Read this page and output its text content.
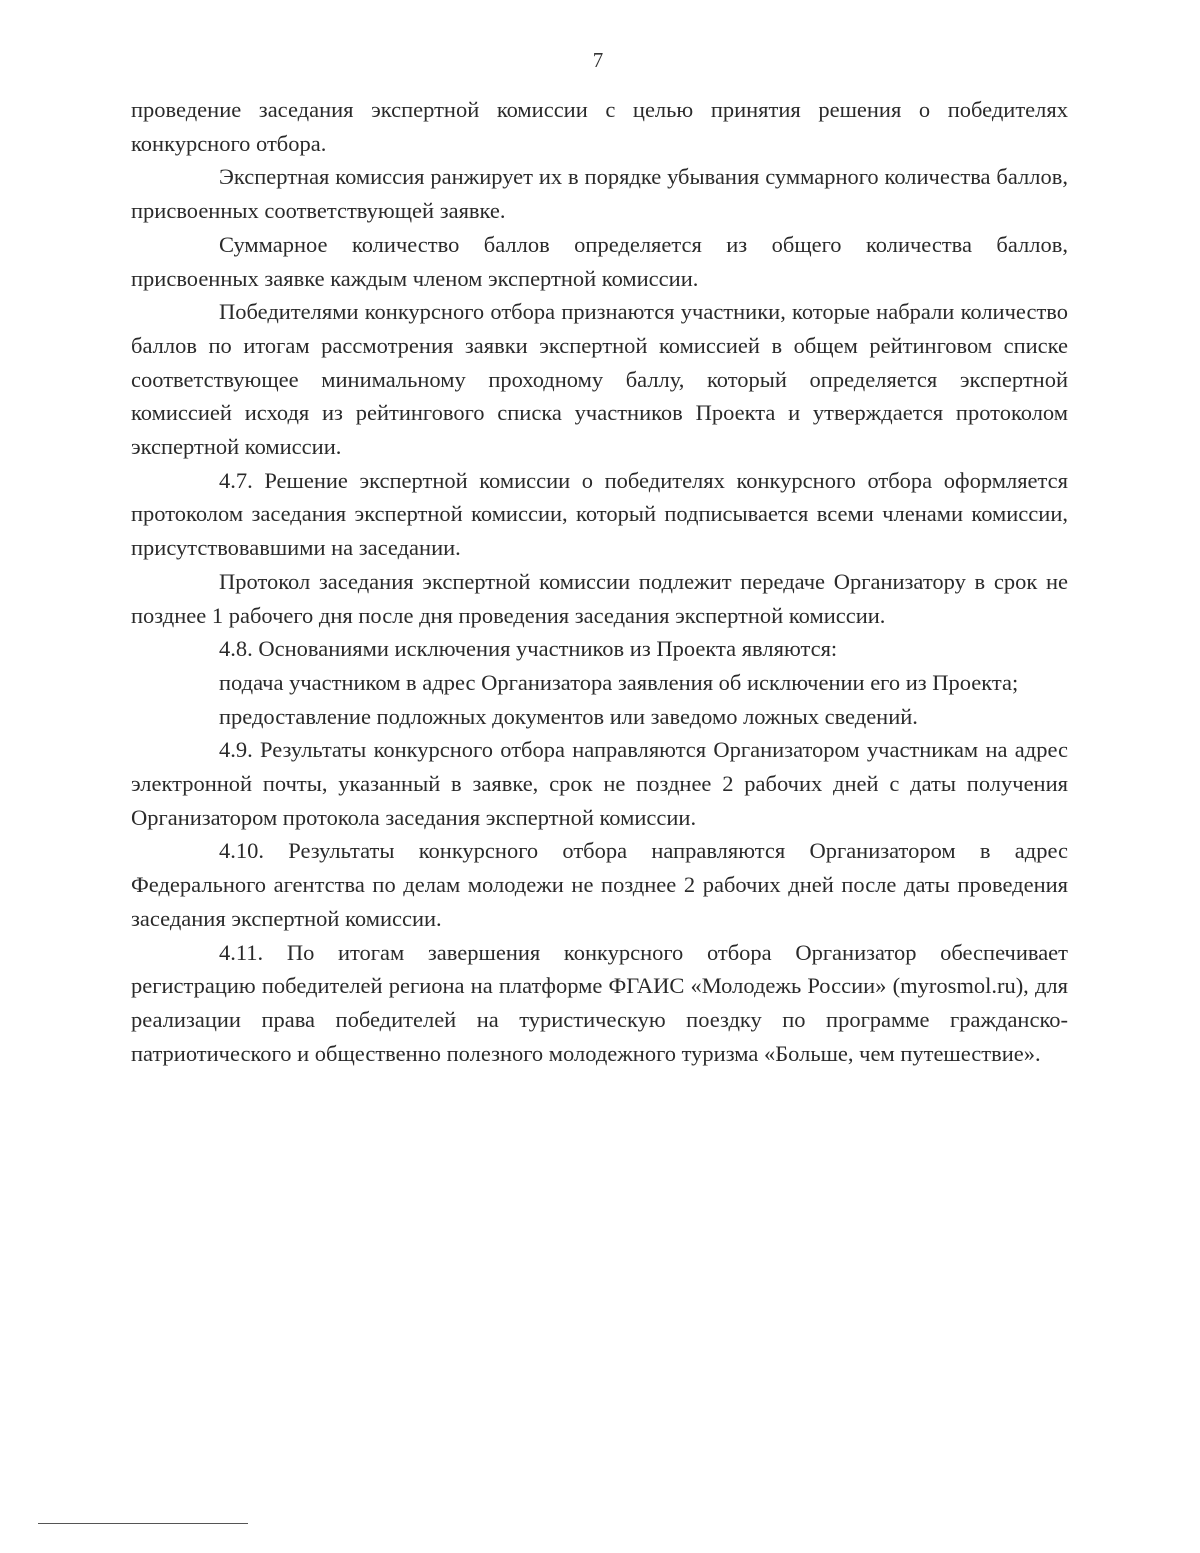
7

проведение заседания экспертной комиссии с целью принятия решения о победителях конкурсного отбора.

Экспертная комиссия ранжирует их в порядке убывания суммарного количества баллов, присвоенных соответствующей заявке.

Суммарное количество баллов определяется из общего количества баллов, присвоенных заявке каждым членом экспертной комиссии.

Победителями конкурсного отбора признаются участники, которые набрали количество баллов по итогам рассмотрения заявки экспертной комиссией в общем рейтинговом списке соответствующее минимальному проходному баллу, который определяется экспертной комиссией исходя из рейтингового списка участников Проекта и утверждается протоколом экспертной комиссии.

4.7. Решение экспертной комиссии о победителях конкурсного отбора оформляется протоколом заседания экспертной комиссии, который подписывается всеми членами комиссии, присутствовавшими на заседании.

Протокол заседания экспертной комиссии подлежит передаче Организатору в срок не позднее 1 рабочего дня после дня проведения заседания экспертной комиссии.

4.8. Основаниями исключения участников из Проекта являются:

подача участником в адрес Организатора заявления об исключении его из Проекта;

предоставление подложных документов или заведомо ложных сведений.

4.9. Результаты конкурсного отбора направляются Организатором участникам на адрес электронной почты, указанный в заявке, срок не позднее 2 рабочих дней с даты получения Организатором протокола заседания экспертной комиссии.

4.10. Результаты конкурсного отбора направляются Организатором в адрес Федерального агентства по делам молодежи не позднее 2 рабочих дней после даты проведения заседания экспертной комиссии.

4.11. По итогам завершения конкурсного отбора Организатор обеспечивает регистрацию победителей региона на платформе ФГАИС «Молодежь России» (myrosmol.ru), для реализации права победителей на туристическую поездку по программе гражданско-патриотического и общественно полезного молодежного туризма «Больше, чем путешествие».
